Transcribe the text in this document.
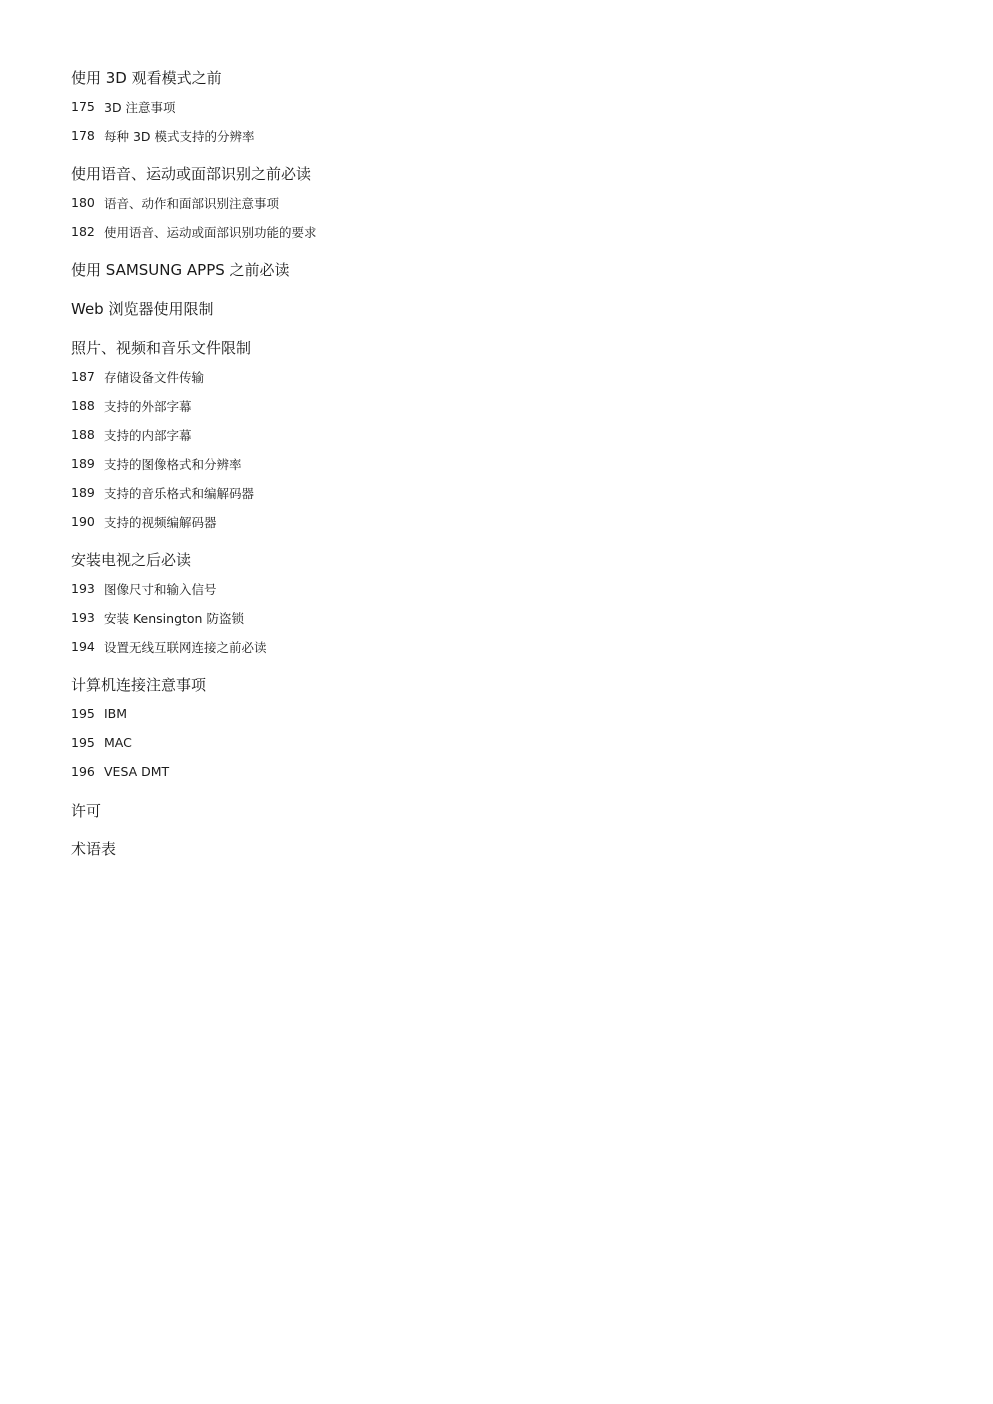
使用 3D 观看模式之前
175 3D 注意事项
178 每种 3D 模式支持的分辨率
使用语音、运动或面部识别之前必读
180 语音、动作和面部识别注意事项
182 使用语音、运动或面部识别功能的要求
使用 SAMSUNG APPS 之前必读
Web 浏览器使用限制
照片、视频和音乐文件限制
187 存储设备文件传输
188 支持的外部字幕
188 支持的内部字幕
189 支持的图像格式和分辨率
189 支持的音乐格式和编解码器
190 支持的视频编解码器
安装电视之后必读
193 图像尺寸和输入信号
193 安装 Kensington 防盗锁
194 设置无线互联网连接之前必读
计算机连接注意事项
195 IBM
195 MAC
196 VESA DMT
许可
术语表
